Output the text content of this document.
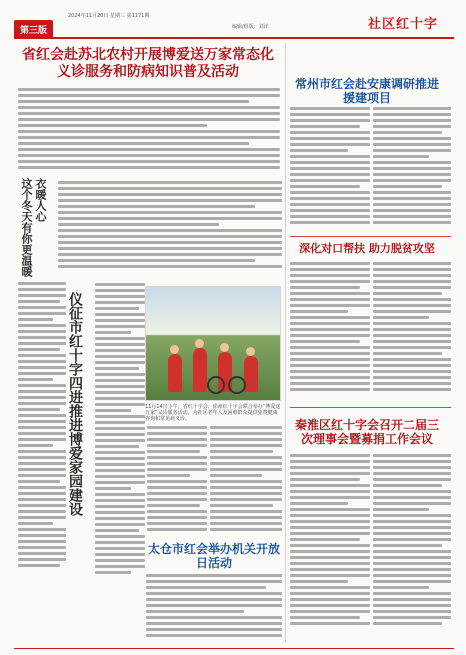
第三版
2024年11月20日 星期三 第1171期
编辑/组版：刘洋	社区红十字
省红会赴苏北农村开展博爱送万家常态化义诊服务和防病知识普及活动
这个冬天有你更温暖 衣暖人心
仪征市红十字四进推进博爱家园建设	11月14日下午，省红十字会、徐州红十字会联合举办“博爱送万家”义诊服务活动，为社区老年人及困难群众提供免费健康咨询和常见病义诊。
太仓市红会举办机关开放日活动
常州市红会赴安康调研推进援建项目
深化对口帮扶 助力脱贫攻坚
秦淮区红十字会召开二届三次理事会暨募捐工作会议
